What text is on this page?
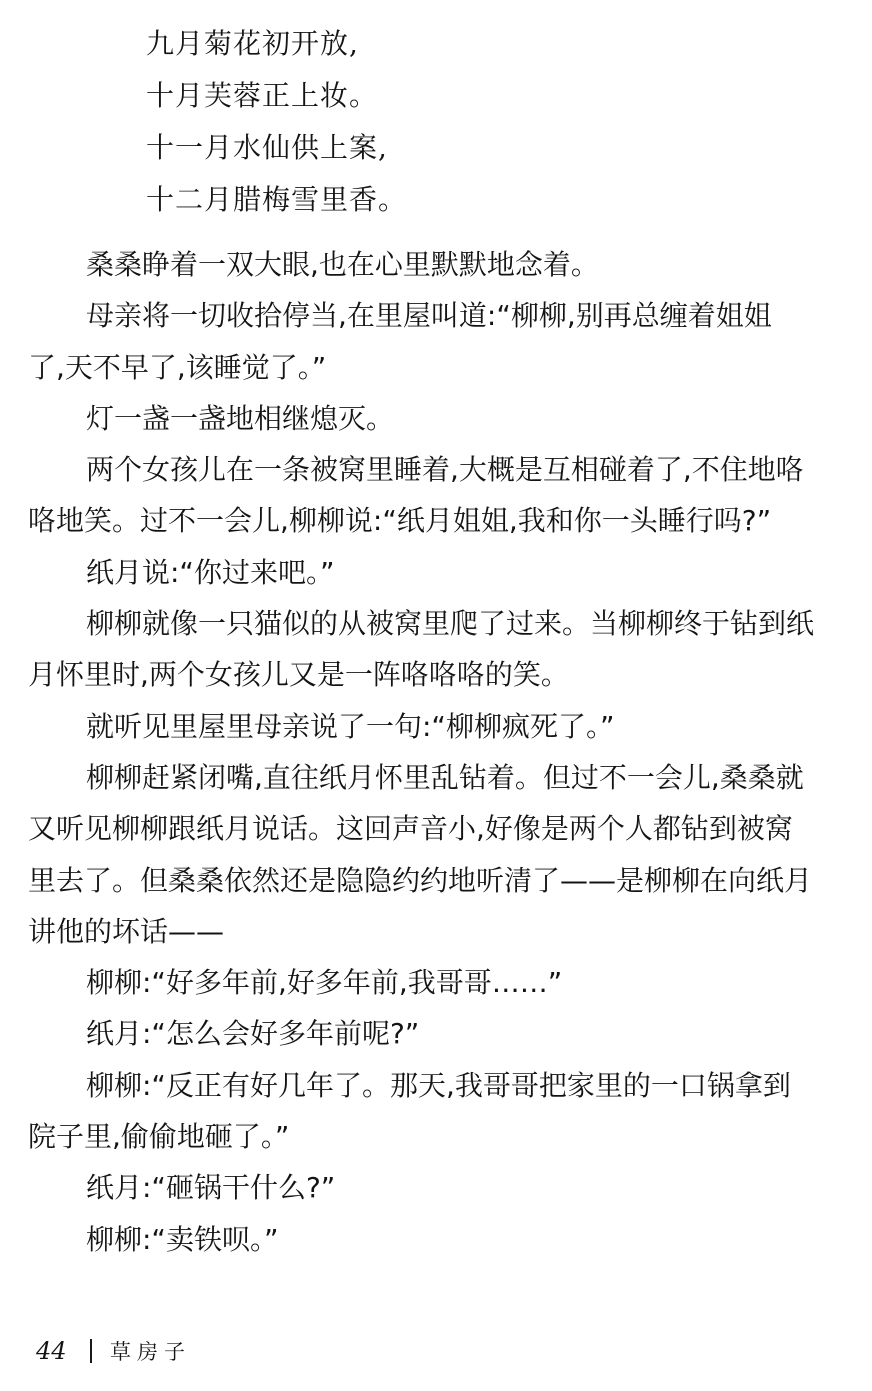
九月菊花初开放,
十月芙蓉正上妆。
十一月水仙供上案,
十二月腊梅雪里香。
桑桑睁着一双大眼,也在心里默默地念着。
母亲将一切收拾停当,在里屋叫道:“柳柳,别再总缠着姐姐
了,天不早了,该睡觉了。”
灯一盏一盏地相继熄灭。
两个女孩儿在一条被窝里睡着,大概是互相碰着了,不住地咯
咯地笑。过不一会儿,柳柳说:“纸月姐姐,我和你一头睡行吗?”
纸月说:“你过来吧。”
柳柳就像一只猫似的从被窝里爬了过来。当柳柳终于钻到纸
月怀里时,两个女孩儿又是一阵咯咯咯的笑。
就听见里屋里母亲说了一句:“柳柳疯死了。”
柳柳赶紧闭嘴,直往纸月怀里乱钻着。但过不一会儿,桑桑就
又听见柳柳跟纸月说话。这回声音小,好像是两个人都钻到被窝
里去了。但桑桑依然还是隐隐约约地听清了——是柳柳在向纸月
讲他的坏话——
柳柳:“好多年前,好多年前,我哥哥……”
纸月:“怎么会好多年前呢?”
柳柳:“反正有好几年了。那天,我哥哥把家里的一口锅拿到
院子里,偷偷地砸了。”
纸月:“砸锅干什么?”
柳柳:“卖铁呗。”
44	草房子
